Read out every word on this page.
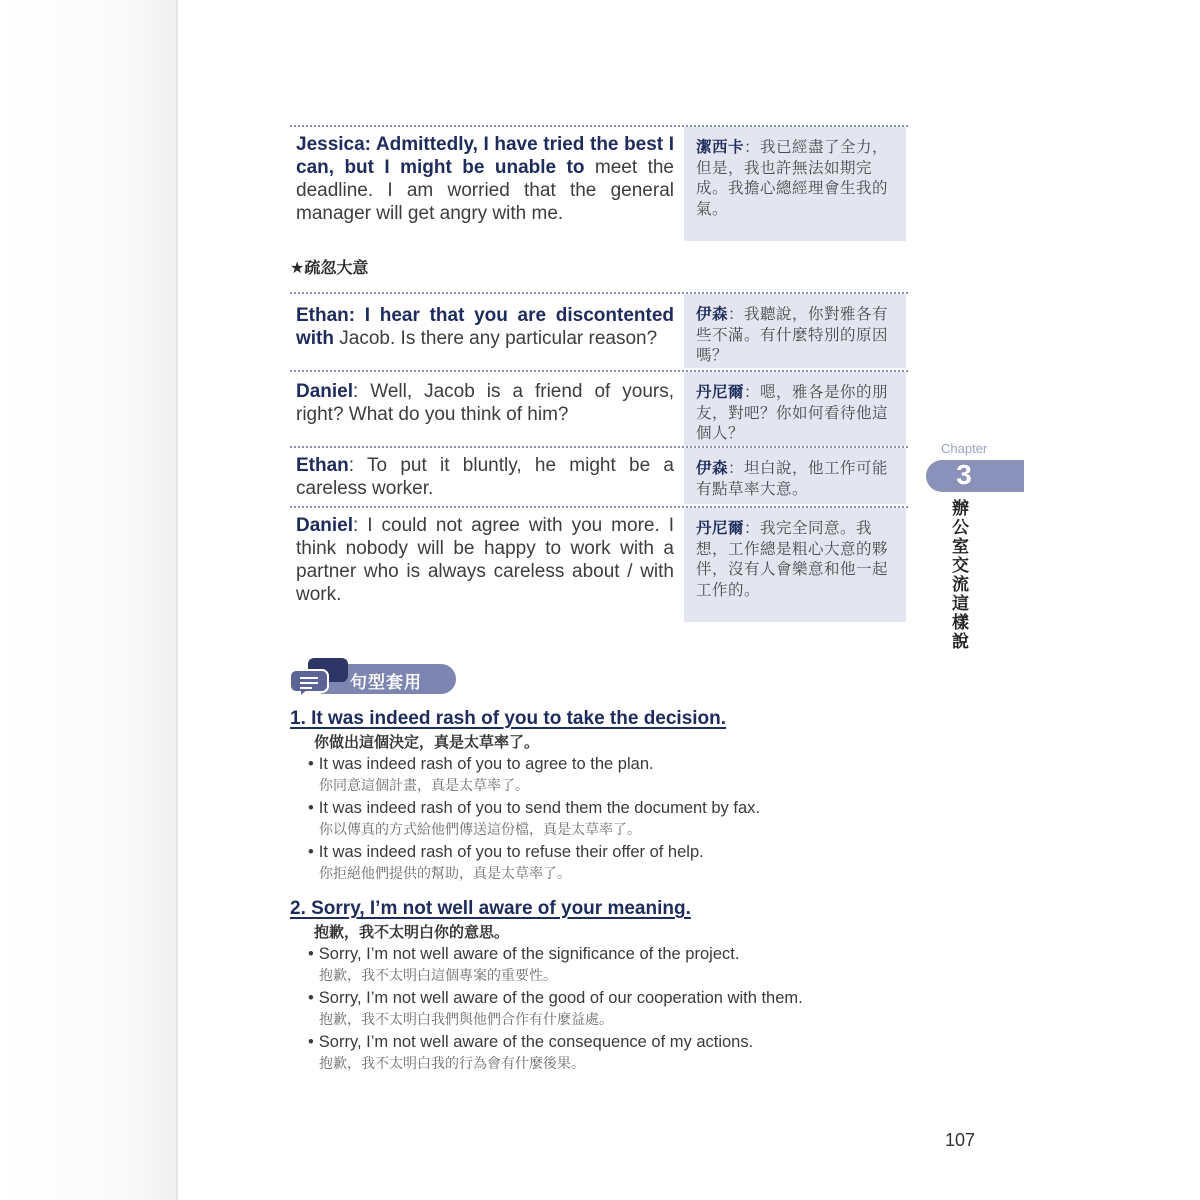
Jessica: Admittedly, I have tried the best I can, but I might be unable to meet the deadline. I am worried that the general manager will get angry with me.
潔西卡：我已經盡了全力，但是，我也許無法如期完成。我擔心總經理會生我的氣。
★疏忽大意
Ethan: I hear that you are discontented with Jacob. Is there any particular reason?
伊森：我聽說，你對雅各有些不滿。有什麼特別的原因嗎？
Daniel: Well, Jacob is a friend of yours, right? What do you think of him?
丹尼爾：嗯，雅各是你的朋友，對吧？你如何看待他這個人？
Ethan: To put it bluntly, he might be a careless worker.
伊森：坦白說，他工作可能有點草率大意。
Daniel: I could not agree with you more. I think nobody will be happy to work with a partner who is always careless about / with work.
丹尼爾：我完全同意。我想，工作總是粗心大意的夥伴，沒有人會樂意和他一起工作的。
Chapter
3
辦公室交流這樣說
句型套用
1. It was indeed rash of you to take the decision.
你做出這個決定，真是太草率了。
• It was indeed rash of you to agree to the plan.
你同意這個計畫，真是太草率了。
• It was indeed rash of you to send them the document by fax.
你以傳真的方式給他們傳送這份檔，真是太草率了。
• It was indeed rash of you to refuse their offer of help.
你拒絕他們提供的幫助，真是太草率了。
2. Sorry, I’m not well aware of your meaning.
抱歉，我不太明白你的意思。
• Sorry, I’m not well aware of the significance of the project.
抱歉，我不太明白這個專案的重要性。
• Sorry, I’m not well aware of the good of our cooperation with them.
抱歉，我不太明白我們與他們合作有什麼益處。
• Sorry, I’m not well aware of the consequence of my actions.
抱歉，我不太明白我的行為會有什麼後果。
107
